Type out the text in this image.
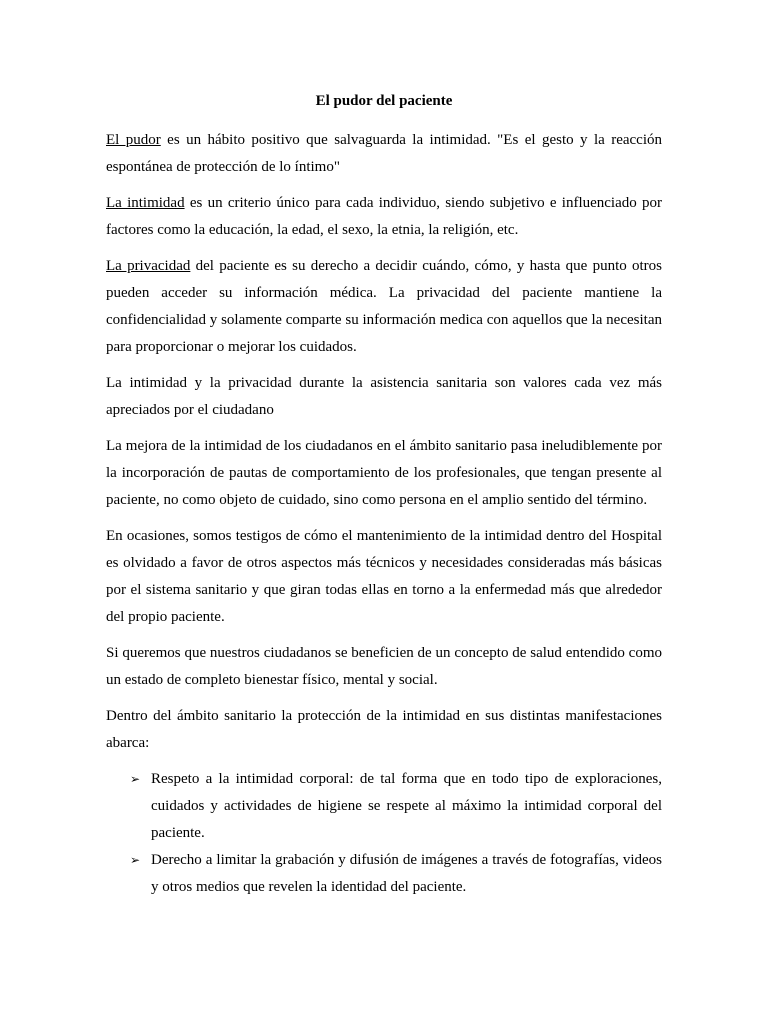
El pudor del paciente

El pudor es un hábito positivo que salvaguarda la intimidad. "Es el gesto y la reacción espontánea de protección de lo íntimo"

La intimidad es un criterio único para cada individuo, siendo subjetivo e influenciado por factores como la educación, la edad, el sexo, la etnia, la religión, etc.

La privacidad del paciente es su derecho a decidir cuándo, cómo, y hasta que punto otros pueden acceder su información médica. La privacidad del paciente mantiene la confidencialidad y solamente comparte su información medica con aquellos que la necesitan para proporcionar o mejorar los cuidados.

La intimidad y la privacidad durante la asistencia sanitaria son valores cada vez más apreciados por el ciudadano

La mejora de la intimidad de los ciudadanos en el ámbito sanitario pasa ineludiblemente por la incorporación de pautas de comportamiento de los profesionales, que tengan presente al paciente, no como objeto de cuidado, sino como persona en el amplio sentido del término.

En ocasiones, somos testigos de cómo el mantenimiento de la intimidad dentro del Hospital es olvidado a favor de otros aspectos más técnicos y necesidades consideradas más básicas por el sistema sanitario y que giran todas ellas en torno a la enfermedad más que alrededor del propio paciente.

Si queremos que nuestros ciudadanos se beneficien de un concepto de salud entendido como un estado de completo bienestar físico, mental y social.

Dentro del ámbito sanitario la protección de la intimidad en sus distintas manifestaciones abarca:

➢ Respeto a la intimidad corporal: de tal forma que en todo tipo de exploraciones, cuidados y actividades de higiene se respete al máximo la intimidad corporal del paciente.
➢ Derecho a limitar la grabación y difusión de imágenes a través de fotografías, videos y otros medios que revelen la identidad del paciente.
